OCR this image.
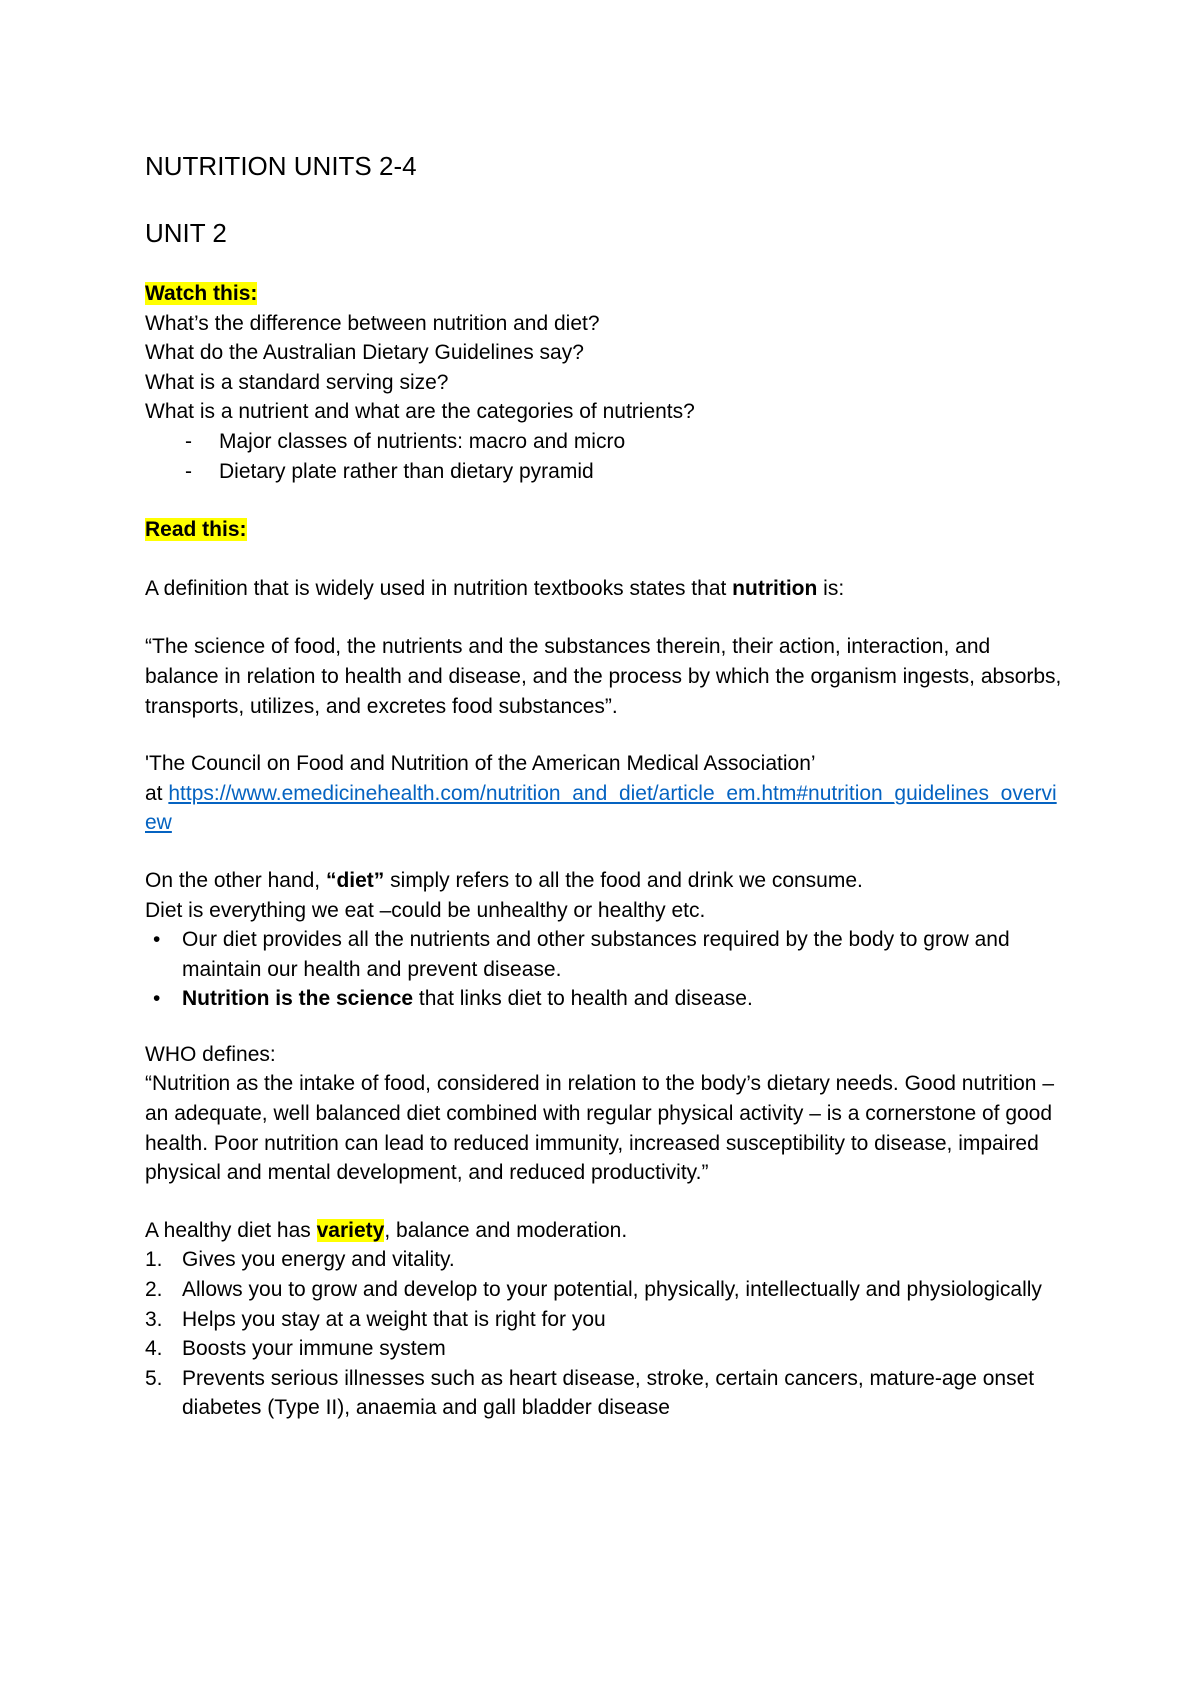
NUTRITION UNITS 2-4
UNIT 2

Watch this:

What’s the difference between nutrition and diet?

What do the Australian Dietary Guidelines say?

What is a standard serving size?

What is a nutrient and what are the categories of nutrients?

- Major classes of nutrients: macro and micro
- Dietary plate rather than dietary pyramid

Read this:

A definition that is widely used in nutrition textbooks states that nutrition is:

“The science of food, the nutrients and the substances therein, their action, interaction, and balance in relation to health and disease, and the process by which the organism ingests, absorbs, transports, utilizes, and excretes food substances”.

'The Council on Food and Nutrition of the American Medical Association’

at https://www.emedicinehealth.com/nutrition_and_diet/article_em.htm#nutrition_guidelines_overview

On the other hand, “diet” simply refers to all the food and drink we consume.

Diet is everything we eat –could be unhealthy or healthy etc.

• Our diet provides all the nutrients and other substances required by the body to grow and maintain our health and prevent disease.
• Nutrition is the science that links diet to health and disease.

WHO defines:

“Nutrition as the intake of food, considered in relation to the body’s dietary needs. Good nutrition – an adequate, well balanced diet combined with regular physical activity – is a cornerstone of good health. Poor nutrition can lead to reduced immunity, increased susceptibility to disease, impaired physical and mental development, and reduced productivity.”

A healthy diet has variety, balance and moderation.

1. Gives you energy and vitality.
2. Allows you to grow and develop to your potential, physically, intellectually and physiologically
3. Helps you stay at a weight that is right for you
4. Boosts your immune system
5. Prevents serious illnesses such as heart disease, stroke, certain cancers, mature-age onset diabetes (Type II), anaemia and gall bladder disease
